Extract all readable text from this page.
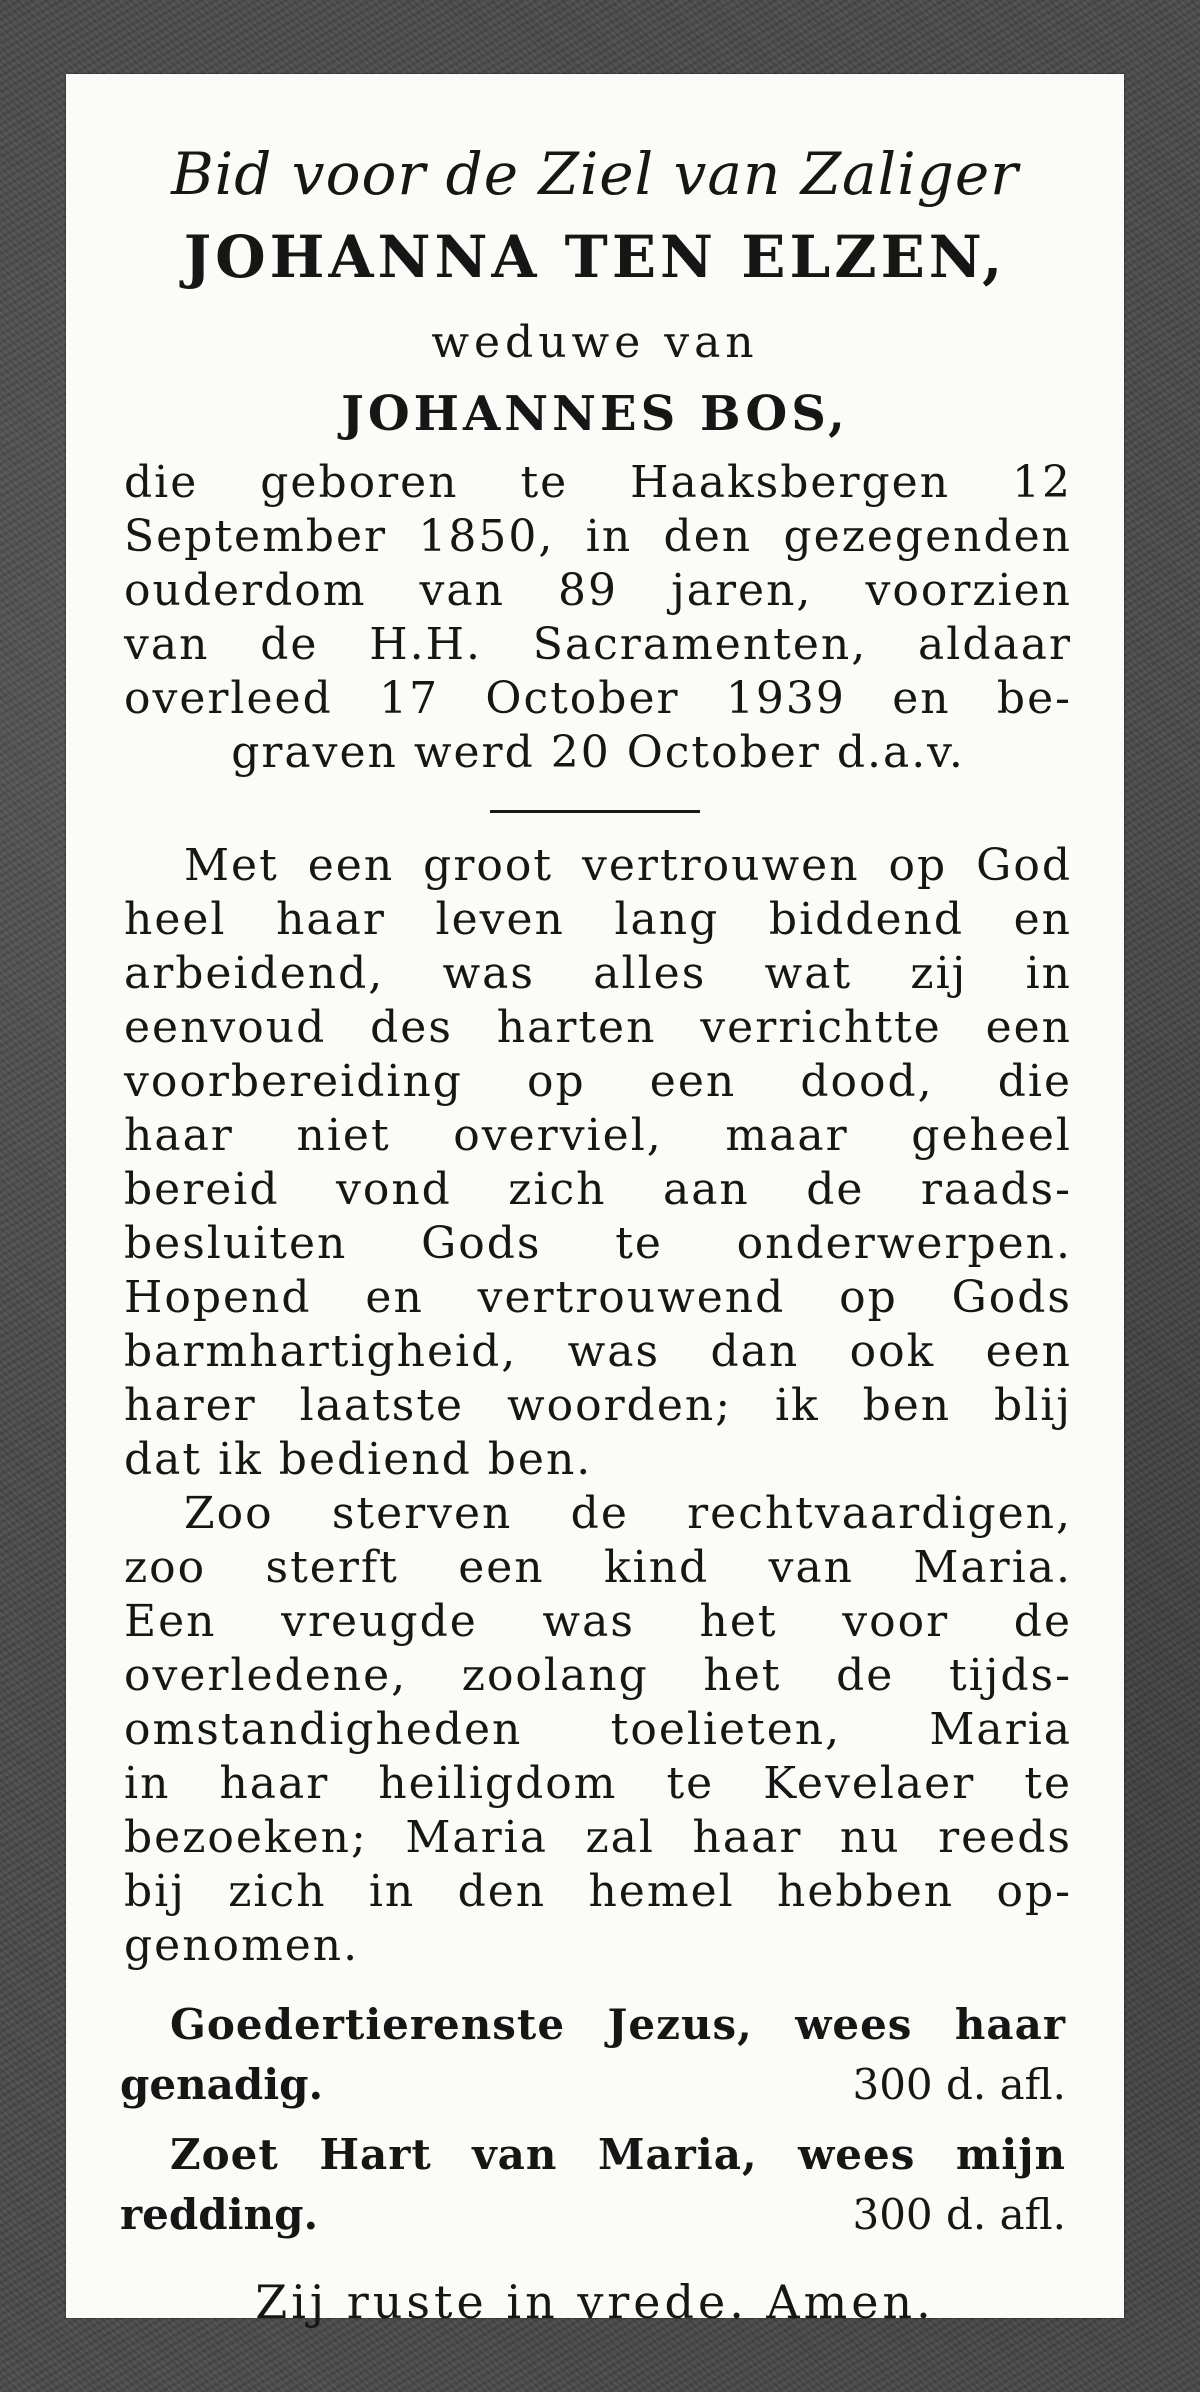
Bid voor de Ziel van Zaliger
JOHANNA TEN ELZEN,
weduwe van
JOHANNES BOS,
die geboren te Haaksbergen 12
September 1850, in den gezegenden
ouderdom van 89 jaren, voorzien
van de H.H. Sacramenten, aldaar
overleed 17 October 1939 en be-
graven werd 20 October d.a.v.
Met een groot vertrouwen op God
heel haar leven lang biddend en
arbeidend, was alles wat zij in
eenvoud des harten verrichtte een
voorbereiding op een dood, die
haar niet overviel, maar geheel
bereid vond zich aan de raads-
besluiten Gods te onderwerpen.
Hopend en vertrouwend op Gods
barmhartigheid, was dan ook een
harer laatste woorden; ik ben blij
dat ik bediend ben.
Zoo sterven de rechtvaardigen,
zoo sterft een kind van Maria.
Een vreugde was het voor de
overledene, zoolang het de tijds-
omstandigheden toelieten, Maria
in haar heiligdom te Kevelaer te
bezoeken; Maria zal haar nu reeds
bij zich in den hemel hebben op-
genomen.
Goedertierenste Jezus, wees haar
genadig.	300 d. afl.
Zoet Hart van Maria, wees mijn
redding.	300 d. afl.
Zij ruste in vrede. Amen.
